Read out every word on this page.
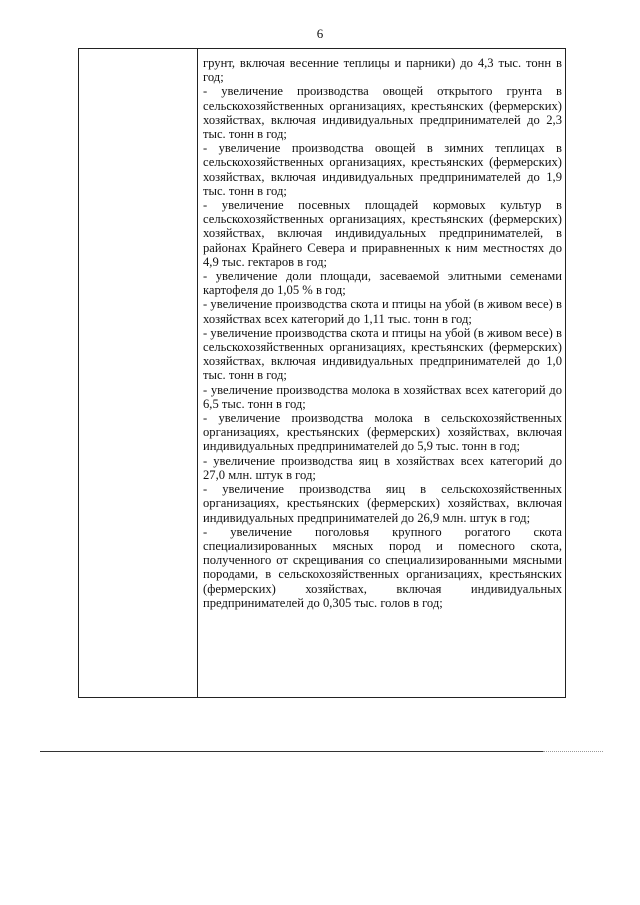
6

грунт, включая весенние теплицы и парники) до 4,3 тыс. тонн в год;

- увеличение производства овощей открытого грунта в сельскохозяйственных организациях, крестьянских (фермерских) хозяйствах, включая индивидуальных предпринимателей до 2,3 тыс. тонн в год;

- увеличение производства овощей в зимних теплицах в сельскохозяйственных организациях, крестьянских (фермерских) хозяйствах, включая индивидуальных предпринимателей до 1,9 тыс. тонн в год;

- увеличение посевных площадей кормовых культур в сельскохозяйственных организациях, крестьянских (фермерских) хозяйствах, включая индивидуальных предпринимателей, в районах Крайнего Севера и приравненных к ним местностях до 4,9 тыс. гектаров в год;

- увеличение доли площади, засеваемой элитными семенами картофеля до 1,05 % в год;

- увеличение производства скота и птицы на убой (в живом весе) в хозяйствах всех категорий до 1,11 тыс. тонн в год;

- увеличение производства скота и птицы на убой (в живом весе) в сельскохозяйственных организациях, крестьянских (фермерских) хозяйствах, включая индивидуальных предпринимателей до 1,0 тыс. тонн в год;

- увеличение производства молока в хозяйствах всех категорий до 6,5 тыс. тонн в год;

- увеличение производства молока в сельскохозяйственных организациях, крестьянских (фермерских) хозяйствах, включая индивидуальных предпринимателей до 5,9 тыс. тонн в год;

- увеличение производства яиц в хозяйствах всех категорий до 27,0 млн. штук в год;

- увеличение производства яиц в сельскохозяйственных организациях, крестьянских (фермерских) хозяйствах, включая индивидуальных предпринимателей до 26,9 млн. штук в год;

- увеличение поголовья крупного рогатого скота специализированных мясных пород и помесного скота, полученного от скрещивания со специализированными мясными породами, в сельскохозяйственных организациях, крестьянских (фермерских) хозяйствах, включая индивидуальных предпринимателей до 0,305 тыс. голов в год;
